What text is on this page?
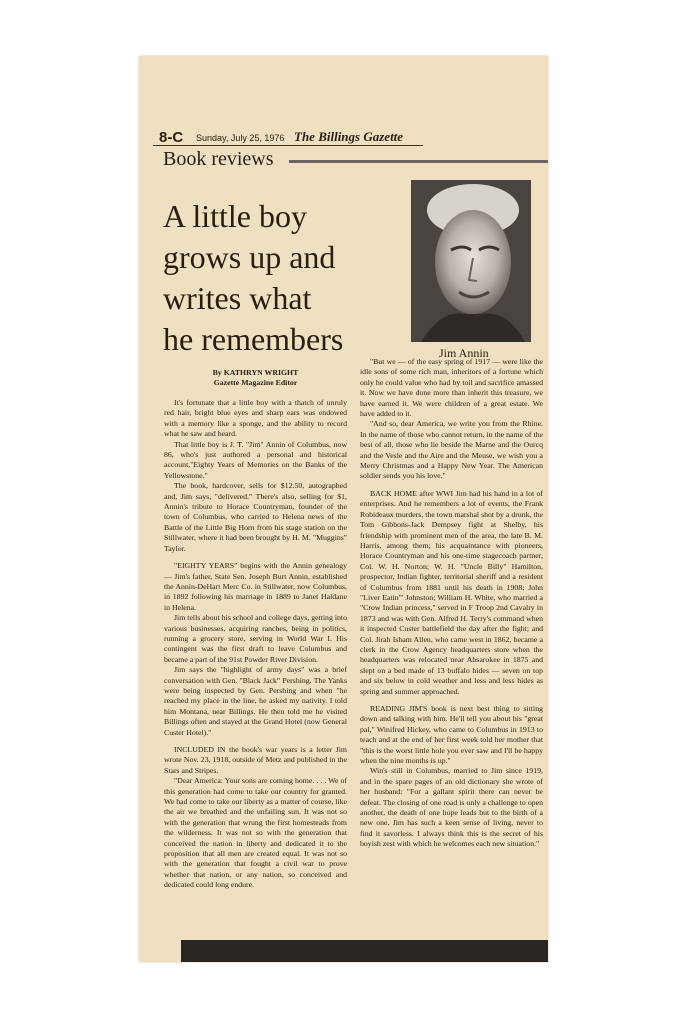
8-C Sunday, July 25, 1976 The Billings Gazette
Book reviews
A little boy
grows up and
writes what
he remembers	Jim Annin
By KATHRYN WRIGHT
Gazette Magazine Editor

It's fortunate that a little boy with a thatch of unruly red hair, bright blue eyes and sharp ears was endowed with a memory like a sponge, and the ability to record what he saw and heard.

That little boy is J. T. "Jim" Annin of Columbus, now 86, who's just authored a personal and historical account,"Eighty Years of Memories on the Banks of the Yellowstone."

The book, hardcover, sells for $12.50, autographed and, Jim says, "delivered." There's also, selling for $1, Annin's tribute to Horace Countryman, founder of the town of Columbus, who carried to Helena news of the Battle of the Little Big Horn from his stage station on the Stillwater, where it had been brought by H. M. "Muggins" Taylor.

"EIGHTY YEARS" begins with the Annin genealogy — Jim's father, State Sen. Joseph Burt Annin, established the Annin-DeHart Merc Co. in Stillwater, now Columbus, in 1892 following his marriage in 1889 to Janet Haldane in Helena.

Jim tells about his school and college days, getting into various businesses, acquiring ranches, being in politics, running a grocery store, serving in World War I. His contingent was the first draft to leave Columbus and became a part of the 91st Powder River Division.

Jim says the "highlight of army days" was a brief conversation with Gen. "Black Jack" Pershing. The Yanks were being inspected by Gen. Pershing and when "he reached my place in the line, he asked my nativity. I told him Montana, near Billings. He then told me he visited Billings often and stayed at the Grand Hotel (now General Custer Hotel)."

INCLUDED IN the book's war years is a letter Jim wrote Nov. 23, 1918, outside of Metz and published in the Stars and Stripes.

"Dear America: Your sons are coming home. . . . We of this generation had come to take our country for granted. We had come to take our liberty as a matter of course, like the air we breathed and the unfailing sun. It was not so with the generation that wrung the first homesteads from the wilderness. It was not so with the generation that conceived the nation in liberty and dedicated it to the proposition that all men are created equal. It was not so with the generation that fought a civil war to prove whether that nation, or any nation, so conceived and dedicated could long endure.

"But we — of the easy spring of 1917 — were like the idle sons of some rich man, inheritors of a fortune which only he could value who had by toil and sacrifice amassed it. Now we have done more than inherit this treasure, we have earned it. We were children of a great estate. We have added to it.

"And so, dear America, we write you from the Rhine. In the name of those who cannot return, in the name of the best of all, those who lie beside the Marne and the Ourcq and the Vesle and the Aire and the Meuse, we wish you a Merry Christmas and a Happy New Year. The American soldier sends you his love."

BACK HOME after WWI Jim had his hand in a lot of enterprises. And he remembers a lot of events, the Frank Robideaux murders, the town marshal shot by a drunk, the Tom Gibbons-Jack Dempsey fight at Shelby, his friendship with prominent men of the area, the late B. M. Harris, among them; his acquaintance with pioneers, Horace Countryman and his one-time stagecoach partner, Col. W. H. Norton; W. H. "Uncle Billy" Hamilton, prospector, Indian fighter, territorial sheriff and a resident of Columbus from 1881 until his death in 1908; John "Liver Eatin'" Johnston; William H. White, who married a "Crow Indian princess," served in F Troop 2nd Cavalry in 1873 and was with Gen. Alfred H. Terry's command when it inspected Custer battlefield the day after the fight; and Col. Jirah Isham Allen, who came west in 1862, became a clerk in the Crow Agency headquarters store when the headquarters was relocated near Absarokee in 1875 and slept on a bed made of 13 buffalo hides — seven on top and six below in cold weather and less and less hides as spring and summer approached.

READING JIM'S book is next best thing to sitting down and talking with him. He'll tell you about his "great pal," Winifred Hickey, who came to Columbus in 1913 to teach and at the end of her first week told her mother that "this is the worst little hole you ever saw and I'll be happy when the nine months is up."

Win's still in Columbus, married to Jim since 1919, and in the spare pages of an old dictionary she wrote of her husband: "For a gallant spirit there can never be defeat. The closing of one road is only a challenge to open another, the death of one hope leads but to the birth of a new one. Jim has such a keen sense of living, never to find it savorless. I always think this is the secret of his boyish zest with which he welcomes each new situation."
